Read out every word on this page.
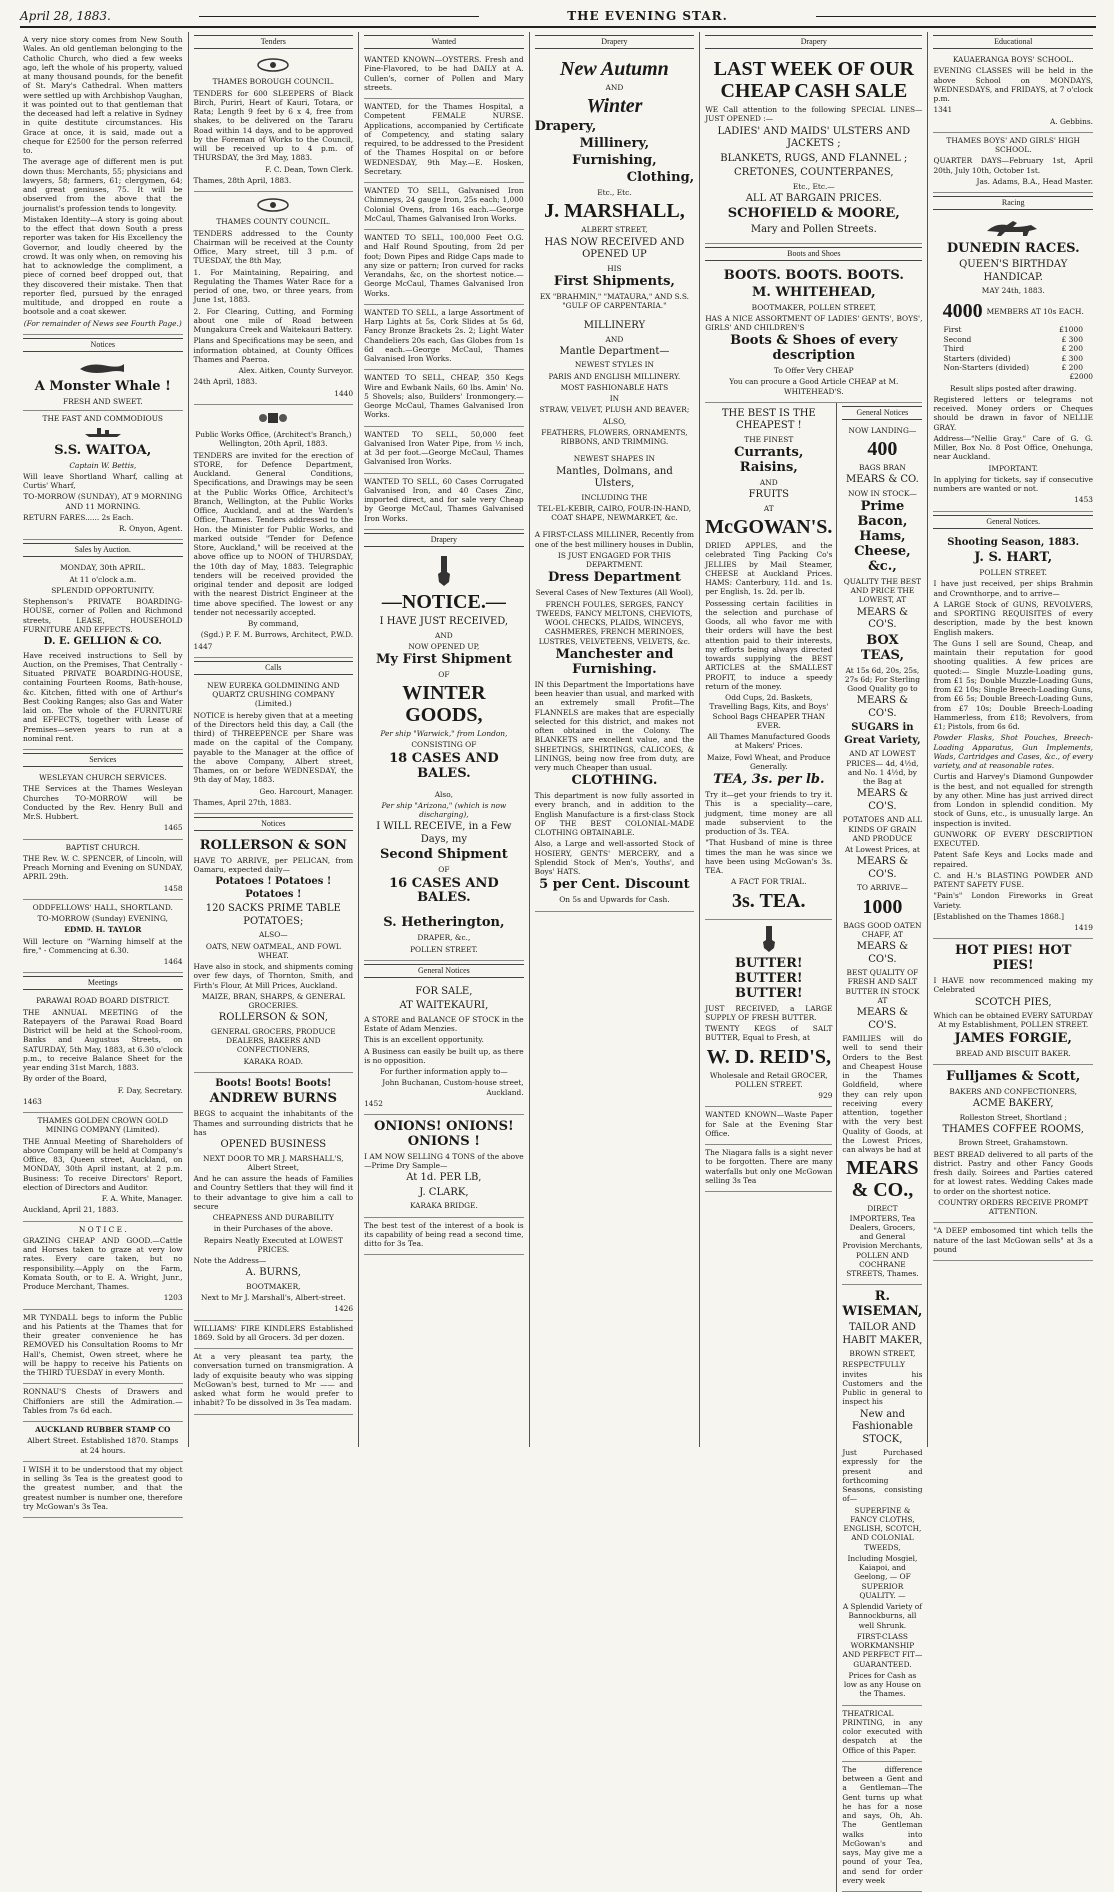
April 28, 1883.	THE EVENING STAR.

A very nice story comes from New South Wales. An old gentleman belonging to the Catholic Church, who died a few weeks ago, left the whole of his property, valued at many thousand pounds, for the benefit of St. Mary's Cathedral. When matters were settled up with Archbishop Vaughan, it was pointed out to that gentleman that the deceased had left a relative in Sydney in quite destitute circumstances. His Grace at once, it is said, made out a cheque for £2500 for the person referred to.

The average age of different men is put down thus: Merchants, 55; physicians and lawyers, 58; farmers, 61; clergymen, 64; and great geniuses, 75. It will be observed from the above that the journalist's profession tends to longevity.

Mistaken Identity—A story is going about to the effect that down South a press reporter was taken for His Excellency the Governor, and loudly cheered by the crowd. It was only when, on removing his hat to acknowledge the compliment, a piece of corned beef dropped out, that they discovered their mistake. Then that reporter fled, pursued by the enraged multitude, and dropped en route a bootsole and a coat skewer.

(For remainder of News see Fourth Page.)

Notices
A Monster Whale !
FRESH AND SWEET.

THE FAST AND COMMODIOUS

S.S. WAITOA,

Captain W. Bettis,

Will leave Shortland Wharf, calling at Curtis' Wharf,

TO-MORROW (SUNDAY), AT 9 MORNING AND 11 MORNING.

RETURN FARES...... 2s Each.

R. Onyon, Agent.

Sales by Auction.

MONDAY, 30th APRIL.

At 11 o'clock a.m.

SPLENDID OPPORTUNITY.

Stephenson's PRIVATE BOARDING-HOUSE, corner of Pollen and Richmond streets, LEASE, HOUSEHOLD FURNITURE AND EFFECTS.

D. E. GELLION & CO.

Have received instructions to Sell by Auction, on the Premises, That Centrally - Situated PRIVATE BOARDING-HOUSE, containing Fourteen Rooms, Bath-house, &c. Kitchen, fitted with one of Arthur's Best Cooking Ranges; also Gas and Water laid on. The whole of the FURNITURE and EFFECTS, together with Lease of Premises—seven years to run at a nominal rent.

Services

WESLEYAN CHURCH SERVICES.

THE Services at the Thames Wesleyan Churches TO-MORROW will be Conducted by the Rev. Henry Bull and Mr.S. Hubbert.

1465

BAPTIST CHURCH.

THE Rev. W. C. SPENCER, of Lincoln, will Preach Morning and Evening on SUNDAY, APRIL 29th.

1458

ODDFELLOWS' HALL, SHORTLAND.

TO-MORROW (Sunday) EVENING,

EDMD. H. TAYLOR

Will lecture on "Warning himself at the fire," - Commencing at 6.30.

1464

Meetings

PARAWAI ROAD BOARD DISTRICT.

THE ANNUAL MEETING of the Ratepayers of the Parawai Road Board District will be held at the School-room, Banks and Augustus Streets, on SATURDAY, 5th May, 1883, at 6.30 o'clock p.m., to receive Balance Sheet for the year ending 31st March, 1883.

By order of the Board,

F. Day, Secretary.

1463

THAMES GOLDEN CROWN GOLD MINING COMPANY (Limited).

THE Annual Meeting of Shareholders of above Company will be held at Company's Office, 83, Queen street, Auckland, on MONDAY, 30th April instant, at 2 p.m. Business: To receive Directors' Report, election of Directors and Auditor.

F. A. White, Manager.

Auckland, April 21, 1883.

N O T I C E .

GRAZING CHEAP AND GOOD.—Cattle and Horses taken to graze at very low rates. Every care taken, but no responsibility.—Apply on the Farm, Komata South, or to E. A. Wright, Junr., Produce Merchant, Thames.

1203

MR TYNDALL begs to inform the Public and his Patients at the Thames that for their greater convenience he has REMOVED his Consultation Rooms to Mr Hall's, Chemist, Owen street, where he will be happy to receive his Patients on the THIRD TUESDAY in every Month.

RONNAU'S Chests of Drawers and Chiffoniers are still the Admiration.—Tables from 7s 6d each.

AUCKLAND RUBBER STAMP CO

Albert Street. Established 1870. Stamps at 24 hours.

I WISH it to be understood that my object in selling 3s Tea is the greatest good to the greatest number, and that the greatest number is number one, therefore try McGowan's 3s Tea.

Tenders

THAMES BOROUGH COUNCIL.

TENDERS for 600 SLEEPERS of Black Birch, Puriri, Heart of Kauri, Totara, or Rata; Length 9 feet by 6 x 4, free from shakes, to be delivered on the Tararu Road within 14 days, and to be approved by the Foreman of Works to the Council, will be received up to 4 p.m. of THURSDAY, the 3rd May, 1883.

F. C. Dean, Town Clerk.

Thames, 28th April, 1883.

THAMES COUNTY COUNCIL.

TENDERS addressed to the County Chairman will be received at the County Office, Mary street, till 3 p.m. of TUESDAY, the 8th May,

1. For Maintaining, Repairing, and Regulating the Thames Water Race for a period of one, two, or three years, from June 1st, 1883.

2. For Clearing, Cutting, and Forming about one mile of Road between Mungakura Creek and Waitekauri Battery.

Plans and Specifications may be seen, and information obtained, at County Offices Thames and Paeroa.

Alex. Aitken, County Surveyor.

24th April, 1883.

1440

Public Works Office, (Architect's Branch,) Wellington, 20th April, 1883.

TENDERS are invited for the erection of STORE, for Defence Department, Auckland. General Conditions, Specifications, and Drawings may be seen at the Public Works Office, Architect's Branch, Wellington, at the Public Works Office, Auckland, and at the Warden's Office, Thames. Tenders addressed to the Hon. the Minister for Public Works, and marked outside "Tender for Defence Store, Auckland," will be received at the above office up to NOON of THURSDAY, the 10th day of May, 1883. Telegraphic tenders will be received provided the original tender and deposit are lodged with the nearest District Engineer at the time above specified. The lowest or any tender not necessarily accepted.

By command,

(Sgd.) P. F. M. Burrows, Architect, P.W.D.

1447

Calls

NEW EUREKA GOLDMINING AND QUARTZ CRUSHING COMPANY (Limited.)

NOTICE is hereby given that at a meeting of the Directors held this day, a Call (the third) of THREEPENCE per Share was made on the capital of the Company, payable to the Manager at the office of the above Company, Albert street, Thames, on or before WEDNESDAY, the 9th day of May, 1883.

Geo. Harcourt, Manager.

Thames, April 27th, 1883.

Notices
ROLLERSON & SON

HAVE TO ARRIVE, per PELICAN, from Oamaru, expected daily—

Potatoes ! Potatoes ! Potatoes !
120 SACKS PRIME TABLE POTATOES;

ALSO—

OATS, NEW OATMEAL, AND FOWL WHEAT.

Have also in stock, and shipments coming over few days, of Thornton, Smith, and Firth's Flour, At Mill Prices, Auckland.

MAIZE, BRAN, SHARPS, & GENERAL GROCERIES.

ROLLERSON & SON,

GENERAL GROCERS, PRODUCE DEALERS, BAKERS AND CONFECTIONERS,

KARAKA ROAD.

Boots! Boots! Boots!
ANDREW BURNS

BEGS to acquaint the inhabitants of the Thames and surrounding districts that he has

OPENED BUSINESS

NEXT DOOR TO MR J. MARSHALL'S, Albert Street,

And he can assure the heads of Families and Country Settlers that they will find it to their advantage to give him a call to secure

CHEAPNESS AND DURABILITY

in their Purchases of the above.

Repairs Neatly Executed at LOWEST PRICES.

Note the Address—

A. BURNS,

BOOTMAKER,

Next to Mr J. Marshall's, Albert-street.

1426

WILLIAMS' FIRE KINDLERS Established 1869. Sold by all Grocers. 3d per dozen.

At a very pleasant tea party, the conversation turned on transmigration. A lady of exquisite beauty who was sipping McGowan's best, turned to Mr —— and asked what form he would prefer to inhabit? To be dissolved in 3s Tea madam.

Wanted

WANTED KNOWN—OYSTERS. Fresh and Fine-Flavored, to be had DAILY at A. Cullen's, corner of Pollen and Mary streets.

WANTED, for the Thames Hospital, a Competent FEMALE NURSE. Applications, accompanied by Certificate of Competency, and stating salary required, to be addressed to the President of the Thames Hospital on or before WEDNESDAY, 9th May.—E. Hosken, Secretary.

WANTED TO SELL, Galvanised Iron Chimneys, 24 gauge Iron, 25s each; 1,000 Colonial Ovens, from 16s each.—George McCaul, Thames Galvanised Iron Works.

WANTED TO SELL, 100,000 Feet O.G. and Half Round Spouting, from 2d per foot; Down Pipes and Ridge Caps made to any size or pattern; Iron curved for racks Verandahs, &c, on the shortest notice.—George McCaul, Thames Galvanised Iron Works.

WANTED TO SELL, a large Assortment of Harp Lights at 5s, Cork Slides at 5s 6d, Fancy Bronze Brackets 2s. 2; Light Water Chandeliers 20s each, Gas Globes from 1s 6d each.—George McCaul, Thames Galvanised Iron Works.

WANTED TO SELL, CHEAP, 350 Kegs Wire and Ewbank Nails, 60 lbs. Amin' No. 5 Shovels; also, Builders' Ironmongery.—George McCaul, Thames Galvanised Iron Works.

WANTED TO SELL, 50,000 feet Galvanised Iron Water Pipe, from ½ inch, at 3d per foot.—George McCaul, Thames Galvanised Iron Works.

WANTED TO SELL, 60 Cases Corrugated Galvanised Iron, and 40 Cases Zinc, imported direct, and for sale very Cheap by George McCaul, Thames Galvanised Iron Works.

Drapery
—NOTICE.—
I HAVE JUST RECEIVED,

AND

NOW OPENED UP,

My First Shipment

OF

WINTER GOODS,

Per ship "Warwick," from London,

CONSISTING OF

18 CASES AND BALES.

Also,

Per ship "Arizona," (which is now discharging),

I WILL RECEIVE, in a Few Days, my
Second Shipment

OF

16 CASES AND BALES.
S. Hetherington,

DRAPER, &c.,

POLLEN STREET.

General Notices
FOR SALE,
AT WAITEKAURI,

A STORE and BALANCE OF STOCK in the Estate of Adam Menzies.

This is an excellent opportunity.

A Business can easily be built up, as there is no opposition.

For further information apply to—

John Buchanan, Custom-house street, Auckland.

1452

ONIONS! ONIONS! ONIONS !

I AM NOW SELLING 4 TONS of the above—Prime Dry Sample—

At 1d. PER LB,
J. CLARK,

KARAKA BRIDGE.

The best test of the interest of a book is its capability of being read a second time, ditto for 3s Tea.

Drapery
New Autumn

AND

Winter
Drapery,
Millinery,
Furnishing,
Clothing,

Etc., Etc.

J. MARSHALL,

ALBERT STREET,

HAS NOW RECEIVED AND OPENED UP

HIS

First Shipments,

EX "BRAHMIN," "MATAURA," AND S.S. "GULF OF CARPENTARIA."

MILLINERY

AND

Mantle Department—

NEWEST STYLES IN

PARIS AND ENGLISH MILLINERY.

MOST FASHIONABLE HATS

IN

STRAW, VELVET, PLUSH AND BEAVER;

ALSO,

FEATHERS, FLOWERS, ORNAMENTS, RIBBONS, AND TRIMMING.

NEWEST SHAPES IN

Mantles, Dolmans, and Ulsters,

INCLUDING THE

TEL-EL-KEBIR, CAIRO, FOUR-IN-HAND, COAT SHAPE, NEWMARKET, &c.

A FIRST-CLASS MILLINER, Recently from one of the best millinery houses in Dublin,

IS JUST ENGAGED FOR THIS DEPARTMENT.

Dress Department

Several Cases of New Textures (All Wool),

FRENCH FOULES, SERGES, FANCY TWEEDS, FANCY MELTONS, CHEVIOTS, WOOL CHECKS, PLAIDS, WINCEYS, CASHMERES, FRENCH MERINOES, LUSTRES, VELVETEENS, VELVETS, &c.

Manchester and Furnishing.

IN this Department the Importations have been heavier than usual, and marked with an extremely small Profit—The FLANNELS are makes that are especially selected for this district, and makes not often obtained in the Colony. The BLANKETS are excellent value, and the SHEETINGS, SHIRTINGS, CALICOES, & LININGS, being now free from duty, are very much Cheaper than usual.

CLOTHING.

This department is now fully assorted in every branch, and in addition to the English Manufacture is a first-class Stock OF THE BEST COLONIAL-MADE CLOTHING OBTAINABLE.

Also, a Large and well-assorted Stock of HOSIERY, GENTS' MERCERY, and a Splendid Stock of Men's, Youths', and Boys' HATS.

5 per Cent. Discount

On 5s and Upwards for Cash.

Drapery
LAST WEEK OF OUR CHEAP CASH SALE

WE Call attention to the following SPECIAL LINES—JUST OPENED :—

LADIES' AND MAIDS' ULSTERS AND JACKETS ;
BLANKETS, RUGS, AND FLANNEL ;
CRETONES, COUNTERPANES,

Etc., Etc.—

ALL AT BARGAIN PRICES.
SCHOFIELD & MOORE,
Mary and Pollen Streets.
Boots and Shoes
BOOTS. BOOTS. BOOTS.
M. WHITEHEAD,

BOOTMAKER, POLLEN STREET,

HAS A NICE ASSORTMENT OF LADIES' GENTS', BOYS', GIRLS' AND CHILDREN'S

Boots & Shoes of every description

To Offer Very CHEAP

You can procure a Good Article CHEAP at M. WHITEHEAD'S.

THE BEST IS THE CHEAPEST !

THE FINEST

Currants, Raisins,

AND

FRUITS

AT

McGOWAN'S.

DRIED APPLES, and the celebrated Ting Packing Co's JELLIES by Mail Steamer, CHEESE at Auckland Prices. HAMS: Canterbury, 11d. and 1s. per English, 1s. 2d. per lb.

Possessing certain facilities in the selection and purchase of Goods, all who favor me with their orders will have the best attention paid to their interests, my efforts being always directed towards supplying the BEST ARTICLES at the SMALLEST PROFIT, to induce a speedy return of the money.

Odd Cups, 2d. Baskets, Travelling Bags, Kits, and Boys' School Bags CHEAPER THAN EVER.

All Thames Manufactured Goods at Makers' Prices.

Maize, Fowl Wheat, and Produce Generally.

TEA, 3s. per lb.

Try it—get your friends to try it. This is a speciality—care, judgment, time money are all made subservient to the production of 3s. TEA.

"That Husband of mine is three times the man he was since we have been using McGowan's 3s. TEA.

A FACT FOR TRIAL.

3s. TEA.
BUTTER! BUTTER! BUTTER!

JUST RECEIVED, a LARGE SUPPLY OF FRESH BUTTER.

TWENTY KEGS of SALT BUTTER, Equal to Fresh, at

W. D. REID'S,

Wholesale and Retail GROCER, POLLEN STREET.

929

WANTED KNOWN—Waste Paper for Sale at the Evening Star Office.

The Niagara falls is a sight never to be forgotten. There are many waterfalls but only one McGowan selling 3s Tea

General Notices

NOW LANDING—

400

BAGS BRAN

MEARS & CO.

NOW IN STOCK—

Prime Bacon, Hams, Cheese, &c.,

QUALITY THE BEST AND PRICE THE LOWEST, AT

MEARS & CO'S.
BOX TEAS,

At 15s 6d, 20s, 25s, 27s 6d; For Sterling Good Quality go to

MEARS & CO'S.
SUGARS in Great Variety,

AND AT LOWEST PRICES— 4d, 4½d, and No. 1 4½d, by the Bag at

MEARS & CO'S.

POTATOES AND ALL KINDS OF GRAIN AND PRODUCE

At Lowest Prices, at

MEARS & CO'S.

TO ARRIVE—

1000

BAGS GOOD OATEN CHAFF, AT

MEARS & CO'S.

BEST QUALITY OF FRESH AND SALT BUTTER IN STOCK AT

MEARS & CO'S.

FAMILIES will do well to send their Orders to the Best and Cheapest House in the Thames Goldfield, where they can rely upon receiving every attention, together with the very best Quality of Goods, at the Lowest Prices, can always be had at

MEARS & CO.,

DIRECT IMPORTERS, Tea Dealers, Grocers, and General Provision Merchants, POLLEN AND COCHRANE STREETS, Thames.

R. WISEMAN,
TAILOR AND HABIT MAKER,

BROWN STREET,

RESPECTFULLY invites his Customers and the Public in general to inspect his

New and Fashionable STOCK,

Just Purchased expressly for the present and forthcoming Seasons, consisting of—

SUPERFINE & FANCY CLOTHS, ENGLISH, SCOTCH, AND COLONIAL TWEEDS,

Including Mosgiel, Kaiapoi, and Geelong, — OF SUPERIOR QUALITY. —

A Splendid Variety of Bannockburns, all well Shrunk.

FIRST-CLASS WORKMANSHIP AND PERFECT FIT— GUARANTEED.

Prices for Cash as low as any House on the Thames.

THEATRICAL PRINTING, in any color executed with despatch at the Office of this Paper.

The difference between a Gent and a Gentleman—The Gent turns up what he has for a nose and says, Oh, Ah. The Gentleman walks into McGowan's and says, May give me a pound of your Tea, and send for order every week

Educational

KAUAERANGA BOYS' SCHOOL.

EVENING CLASSES will be held in the above School on MONDAYS, WEDNESDAYS, and FRIDAYS, at 7 o'clock p.m.

1341

A. Gebbins.

THAMES BOYS' AND GIRLS' HIGH SCHOOL.

QUARTER DAYS—February 1st, April 20th, July 10th, October 1st.

Jas. Adams, B.A., Head Master.

Racing
DUNEDIN RACES.
QUEEN'S BIRTHDAY HANDICAP.

MAY 24th, 1883.

4000 MEMBERS AT 10s EACH.
First	£1000
Second	£ 300
Third	£ 200
Starters (divided)	£ 300
Non-Starters (divided)	£ 200

£2000

Result slips posted after drawing.

Registered letters or telegrams not received. Money orders or Cheques should be drawn in favor of NELLIE GRAY.

Address—"Nellie Gray." Care of G. G. Miller, Box No. 8 Post Office, Onehunga, near Auckland.

IMPORTANT.

In applying for tickets, say if consecutive numbers are wanted or not.

1453

General Notices.
Shooting Season, 1883.
J. S. HART,

POLLEN STREET.

I have just received, per ships Brahmin and Crownthorpe, and to arrive—

A LARGE Stock of GUNS, REVOLVERS, and SPORTING REQUISITES of every description, made by the best known English makers.

The Guns I sell are Sound, Cheap, and maintain their reputation for good shooting qualities. A few prices are quoted:— Single Muzzle-Loading guns, from £1 5s; Double Muzzle-Loading Guns, from £2 10s; Single Breech-Loading Guns, from £6 5s; Double Breech-Loading Guns, from £7 10s; Double Breech-Loading Hammerless, from £18; Revolvers, from £1; Pistols, from 6s 6d.

Powder Flasks, Shot Pouches, Breech-Loading Apparatus, Gun Implements, Wads, Cartridges and Cases, &c., of every variety, and at reasonable rates.

Curtis and Harvey's Diamond Gunpowder is the best, and not equalled for strength by any other. Mine has just arrived direct from London in splendid condition. My stock of Guns, etc., is unusually large. An inspection is invited.

GUNWORK OF EVERY DESCRIPTION EXECUTED.

Patent Safe Keys and Locks made and repaired.

C. and H.'s BLASTING POWDER AND PATENT SAFETY FUSE.

"Pain's" London Fireworks in Great Variety.

[Established on the Thames 1868.]

1419

HOT PIES! HOT PIES!

I HAVE now recommenced making my Celebrated

SCOTCH PIES,

Which can be obtained EVERY SATURDAY At my Establishment, POLLEN STREET.

JAMES FORGIE,

BREAD AND BISCUIT BAKER.

Fulljames & Scott,

BAKERS AND CONFECTIONERS,

ACME BAKERY,

Rolleston Street, Shortland ;

THAMES COFFEE ROOMS,

Brown Street, Grahamstown.

BEST BREAD delivered to all parts of the district. Pastry and other Fancy Goods fresh daily. Soirees and Parties catered for at lowest rates. Wedding Cakes made to order on the shortest notice.

COUNTRY ORDERS RECEIVE PROMPT ATTENTION.

"A DEEP embosomed tint which tells the nature of the last McGowan sells" at 3s a pound
